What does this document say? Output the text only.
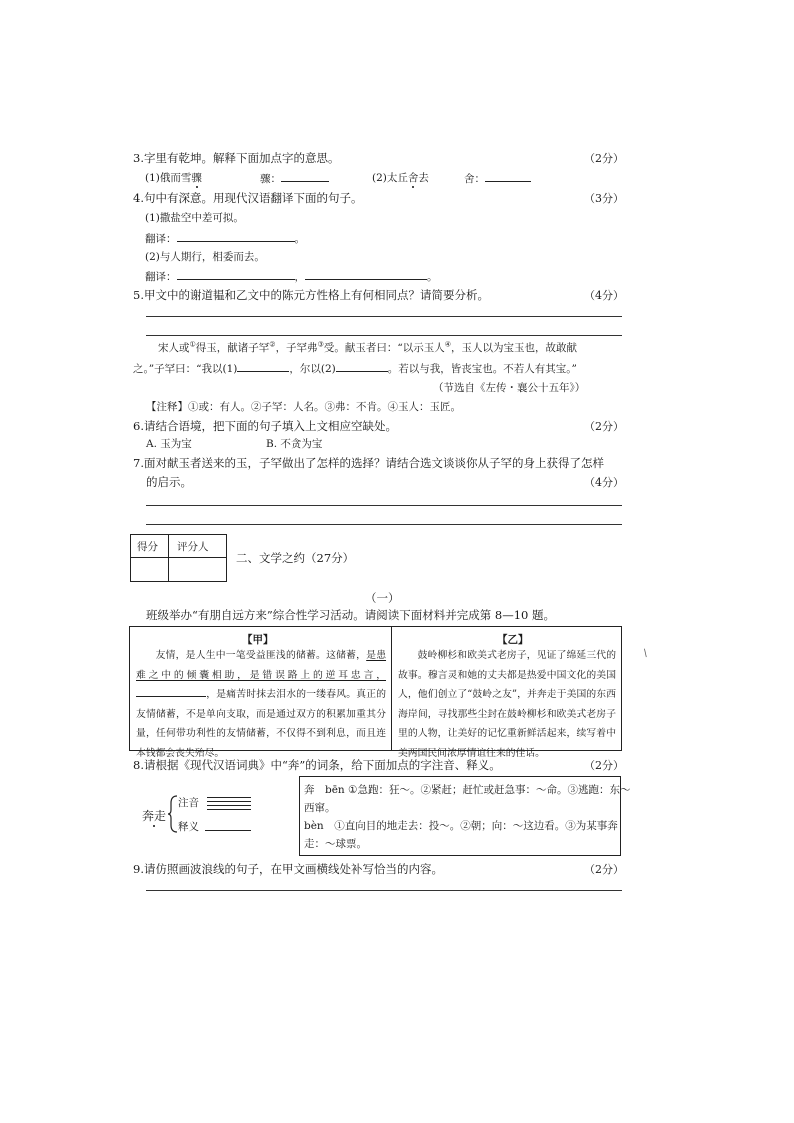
3.字里有乾坤。解释下面加点字的意思。	（2分）
(1)俄而雪骤	骤：	(2)太丘舍去	舍：
4.句中有深意。用现代汉语翻译下面的句子。	（3分）
(1)撒盐空中差可拟。
翻译：	。
(2)与人期行，相委而去。
翻译：	，	。
5.甲文中的谢道韫和乙文中的陈元方性格上有何相同点？请简要分析。	（4分）
宋人或①得玉，献诸子罕②，子罕弗③受。献玉者曰：“以示玉人④，玉人以为宝玉也，故敢献
之。”子罕曰：“我以(1)	，尔以(2)	。若以与我，皆丧宝也。不若人有其宝。”
（节选自《左传・襄公十五年》）
【注释】①或：有人。②子罕：人名。③弗：不肯。④玉人：玉匠。
6.请结合语境，把下面的句子填入上文相应空缺处。	（2分）
A. 玉为宝	B. 不贪为宝
7.面对献玉者送来的玉，子罕做出了怎样的选择？请结合选文谈谈你从子罕的身上获得了怎样
的启示。	（4分）
得分 评分人
二、文学之约（27分）
（一）
班级举办“有朋自远方来”综合性学习活动。请阅读下面材料并完成第 8—10 题。
【甲】
友情，是人生中一笔受益匪浅的储蓄。这储蓄，是患难之中的倾囊相助，是错误路上的逆耳忠言，，是痛苦时抹去泪水的一缕春风。真正的友情储蓄，不是单向支取，而是通过双方的积累加重其分量，任何带功利性的友情储蓄，不仅得不到利息，而且连本钱都会丧失殆尽。
【乙】
鼓岭柳杉和欧美式老房子，见证了绵延三代的故事。穆言灵和她的丈夫都是热爱中国文化的美国人，他们创立了“鼓岭之友”，并奔走于美国的东西海岸间，寻找那些尘封在鼓岭柳杉和欧美式老房子里的人物，让美好的记忆重新鲜活起来，续写着中美两国民间浓厚情谊往来的佳话。
8.请根据《现代汉语词典》中“奔”的词条，给下面加点的字注音、释义。	（2分）
奔走
注音
释义
奔　bēn ①急跑：狂～。②紧赶；赶忙或赶急事：～命。③逃跑：东～
西窜。
bèn　①直向目的地走去：投～。②朝；向：～这边看。③为某事奔
走：～球票。
9.请仿照画波浪线的句子，在甲文画横线处补写恰当的内容。	（2分）
/
